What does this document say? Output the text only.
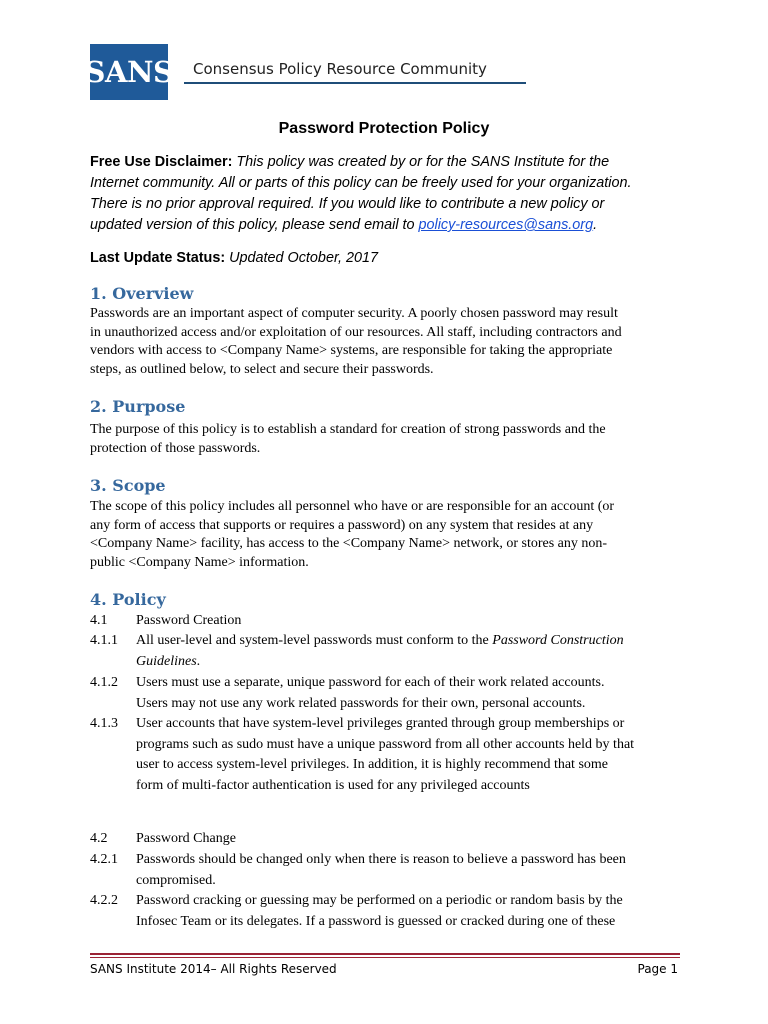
SANS Consensus Policy Resource Community
Password Protection Policy
Free Use Disclaimer: This policy was created by or for the SANS Institute for the
Internet community. All or parts of this policy can be freely used for your organization.
There is no prior approval required. If you would like to contribute a new policy or
updated version of this policy, please send email to policy-resources@sans.org.
Last Update Status: Updated October, 2017
1. Overview
Passwords are an important aspect of computer security. A poorly chosen password may result
in unauthorized access and/or exploitation of our resources. All staff, including contractors and
vendors with access to <Company Name> systems, are responsible for taking the appropriate
steps, as outlined below, to select and secure their passwords.
2. Purpose
The purpose of this policy is to establish a standard for creation of strong passwords and the
protection of those passwords.
3. Scope
The scope of this policy includes all personnel who have or are responsible for an account (or
any form of access that supports or requires a password) on any system that resides at any
<Company Name> facility, has access to the <Company Name> network, or stores any non-
public <Company Name> information.
4. Policy
4.1 Password Creation
4.1.1 All user-level and system-level passwords must conform to the Password Construction
Guidelines.
4.1.2 Users must use a separate, unique password for each of their work related accounts.
Users may not use any work related passwords for their own, personal accounts.
4.1.3 User accounts that have system-level privileges granted through group memberships or
programs such as sudo must have a unique password from all other accounts held by that
user to access system-level privileges. In addition, it is highly recommend that some
form of multi-factor authentication is used for any privileged accounts
4.2 Password Change
4.2.1 Passwords should be changed only when there is reason to believe a password has been
compromised.
4.2.2 Password cracking or guessing may be performed on a periodic or random basis by the
Infosec Team or its delegates. If a password is guessed or cracked during one of these
SANS Institute 2014– All Rights Reserved	Page 1
